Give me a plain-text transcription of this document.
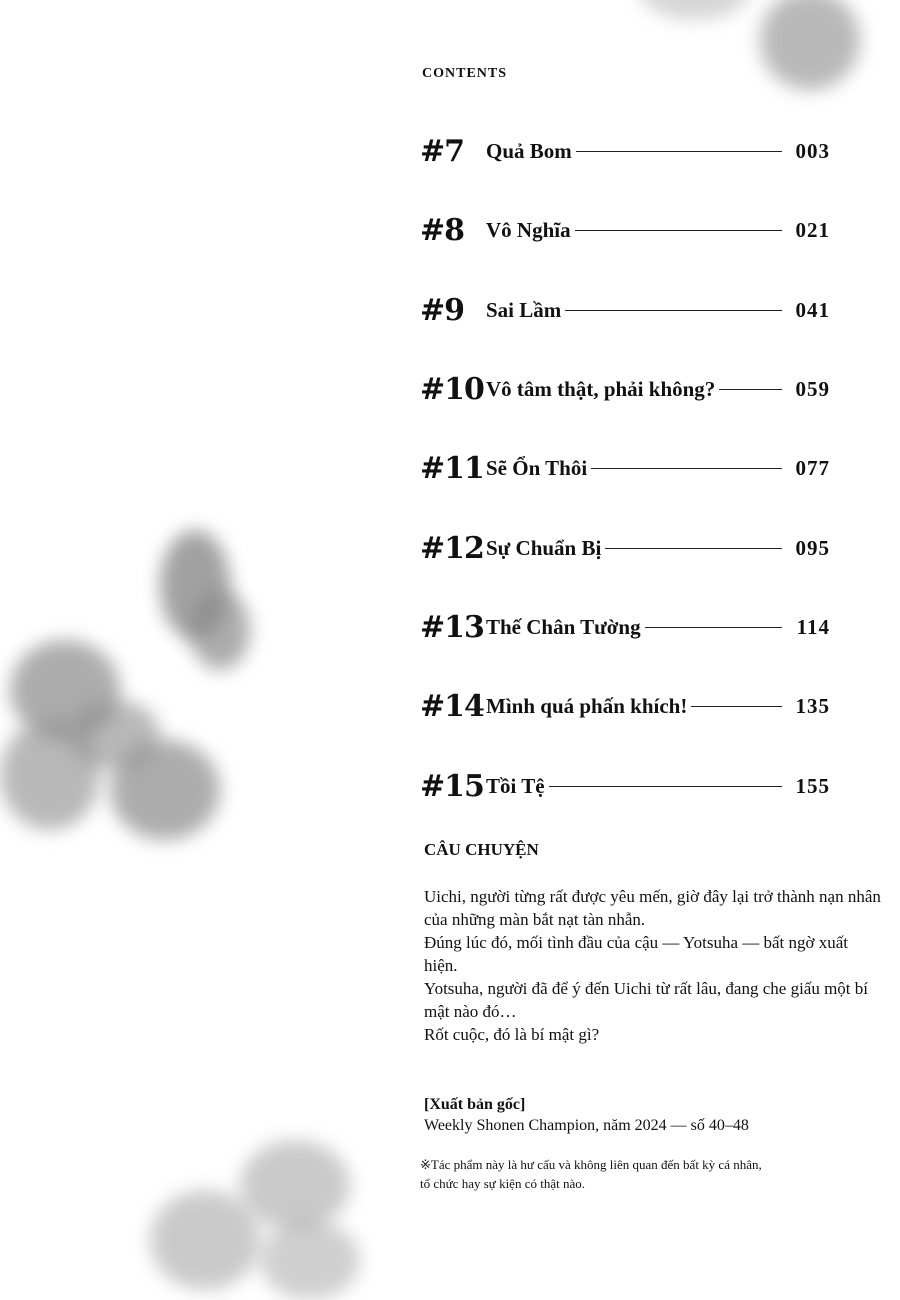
CONTENTS
#7	Quả Bom	003
#8	Vô Nghĩa	021
#9	Sai Lầm	041
#10 Vô tâm thật, phải không?	059
#11 Sẽ Ổn Thôi	077
#12 Sự Chuẩn Bị	095
#13 Thế Chân Tường	114
#14 Mình quá phấn khích!	135
#15 Tồi Tệ	155
CÂU CHUYỆN

Uichi, người từng rất được yêu mến, giờ đây lại trở thành nạn nhân của những màn bắt nạt tàn nhẫn.

Đúng lúc đó, mối tình đầu của cậu — Yotsuha — bất ngờ xuất hiện.

Yotsuha, người đã để ý đến Uichi từ rất lâu, đang che giấu một bí mật nào đó…

Rốt cuộc, đó là bí mật gì?

[Xuất bản gốc]
Weekly Shonen Champion, năm 2024 — số 40–48
※Tác phẩm này là hư cấu và không liên quan đến bất kỳ cá nhân,
tổ chức hay sự kiện có thật nào.
